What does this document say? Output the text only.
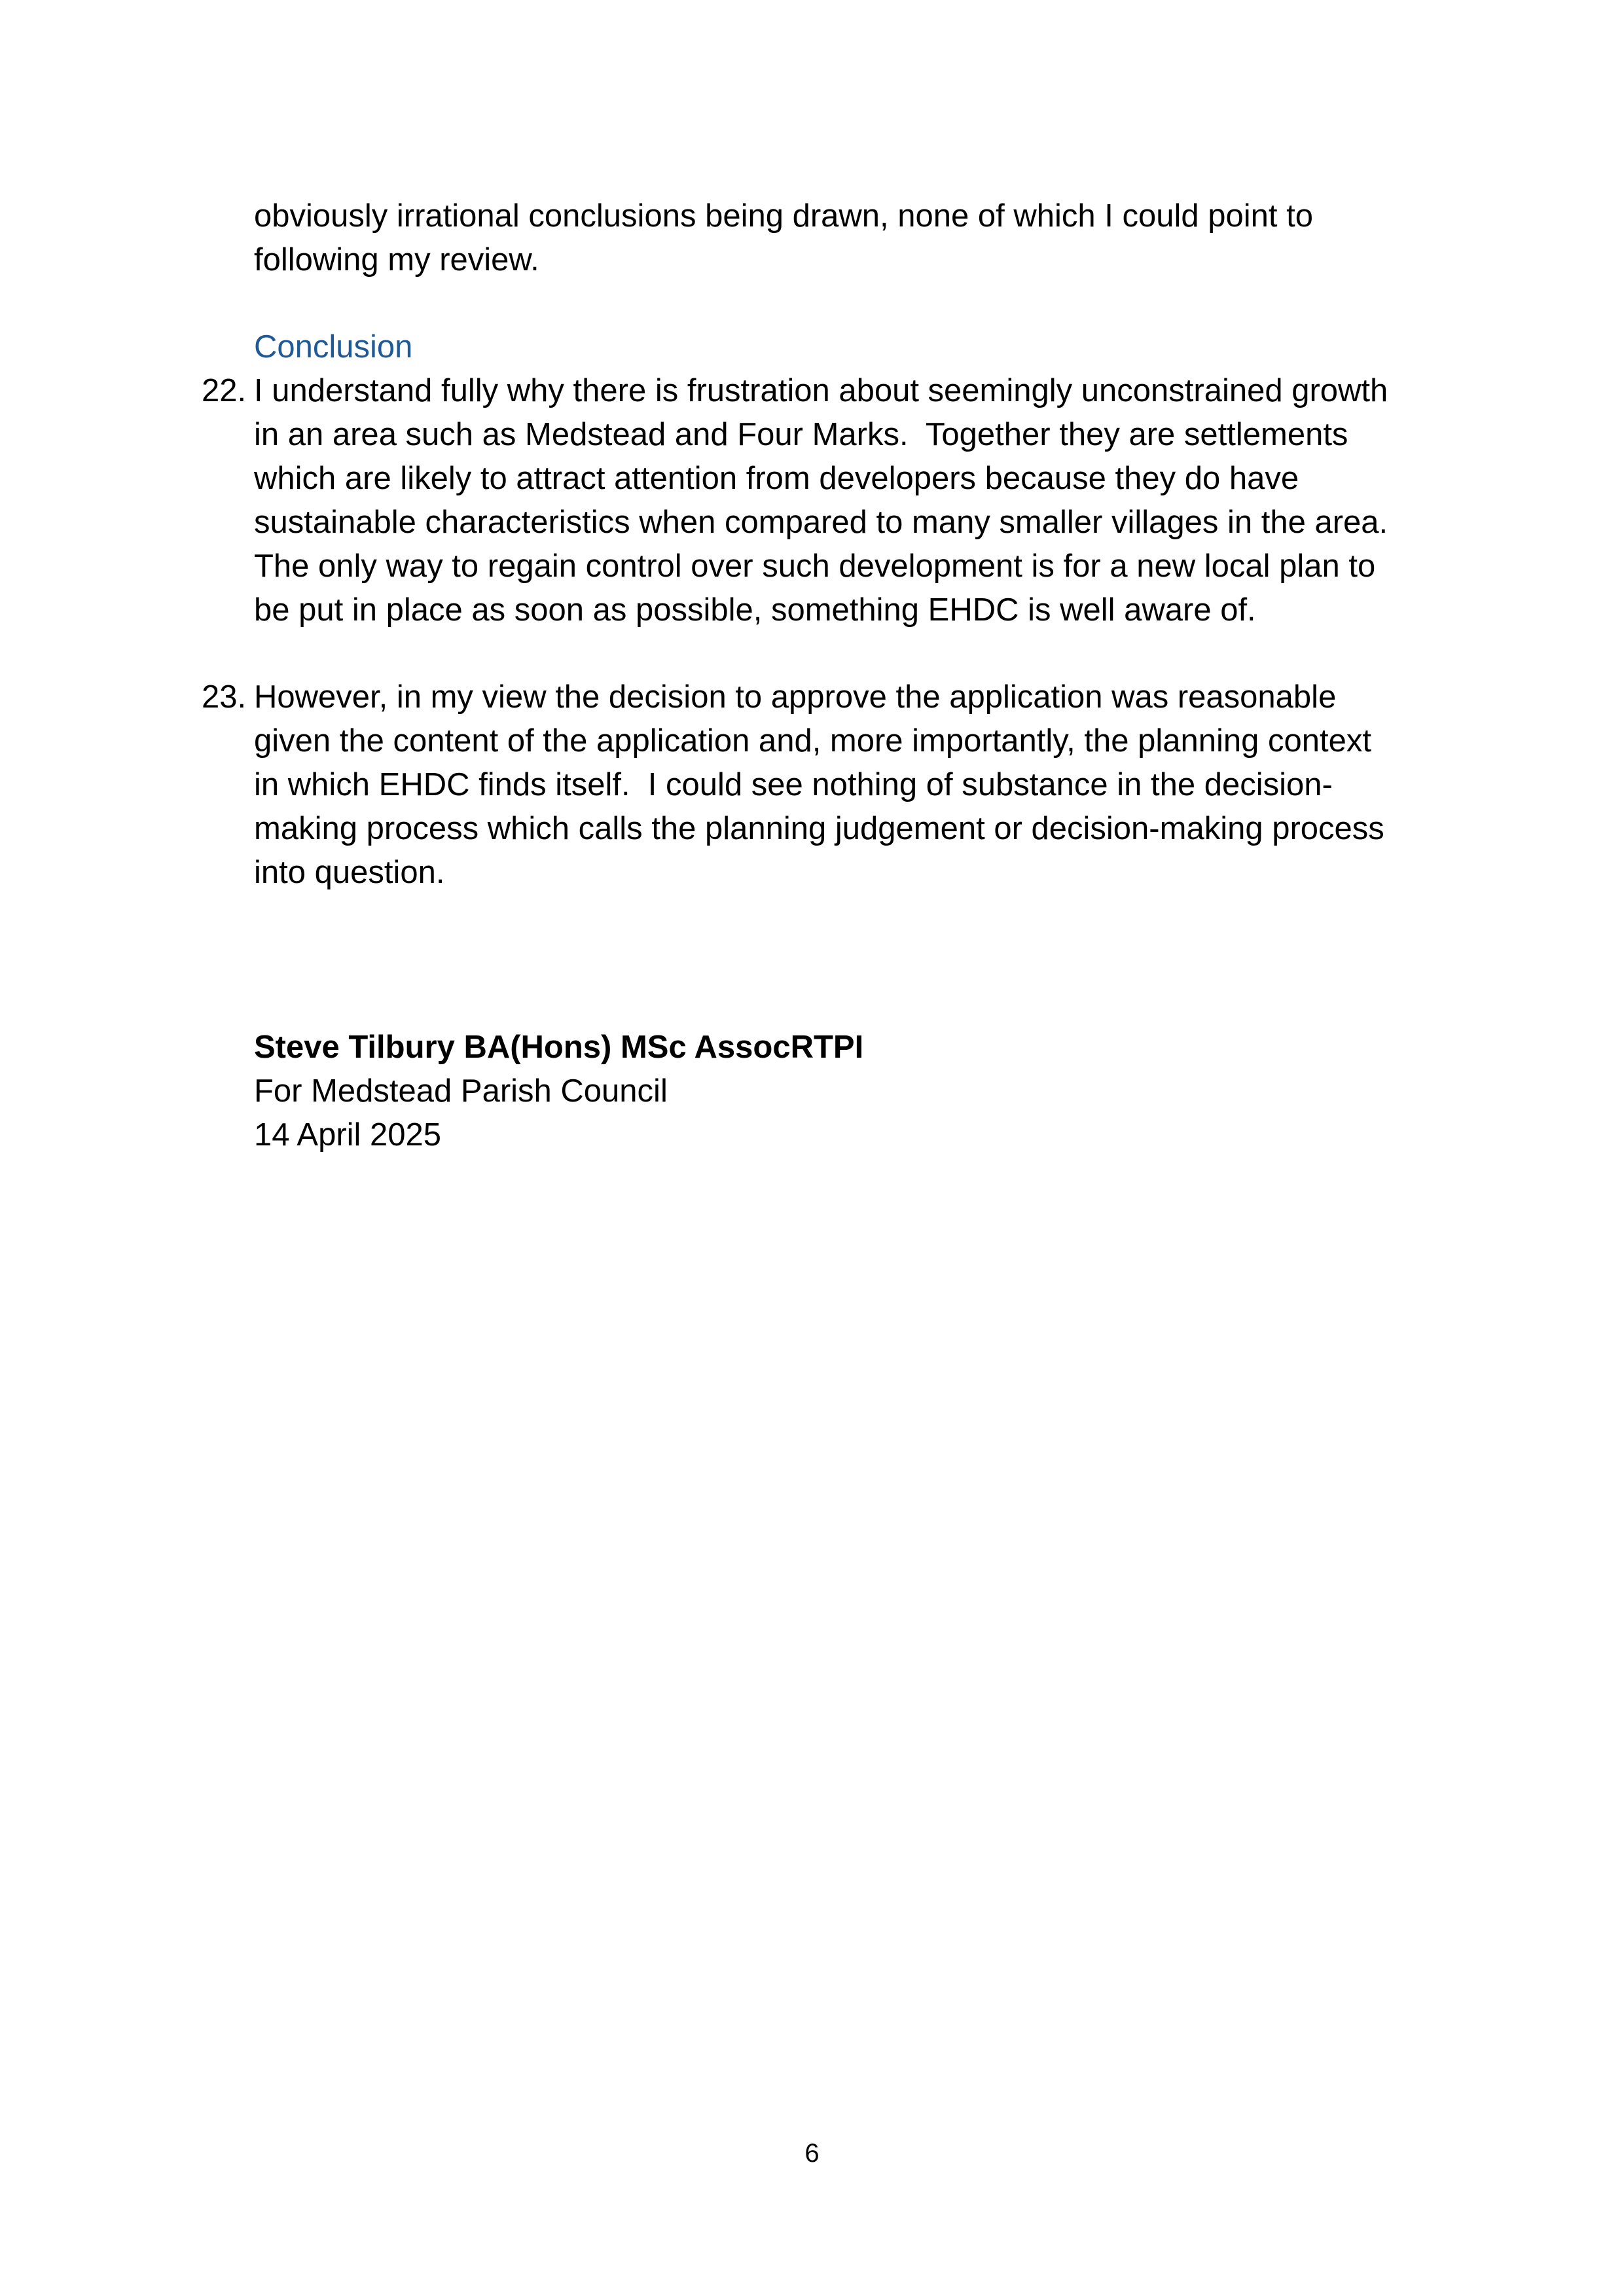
obviously irrational conclusions being drawn, none of which I could point to
following my review.
Conclusion
22. I understand fully why there is frustration about seemingly unconstrained growth
in an area such as Medstead and Four Marks.  Together they are settlements
which are likely to attract attention from developers because they do have
sustainable characteristics when compared to many smaller villages in the area.
The only way to regain control over such development is for a new local plan to
be put in place as soon as possible, something EHDC is well aware of.
23. However, in my view the decision to approve the application was reasonable
given the content of the application and, more importantly, the planning context
in which EHDC finds itself.  I could see nothing of substance in the decision-
making process which calls the planning judgement or decision-making process
into question.
Steve Tilbury BA(Hons) MSc AssocRTPI
For Medstead Parish Council
14 April 2025
6
